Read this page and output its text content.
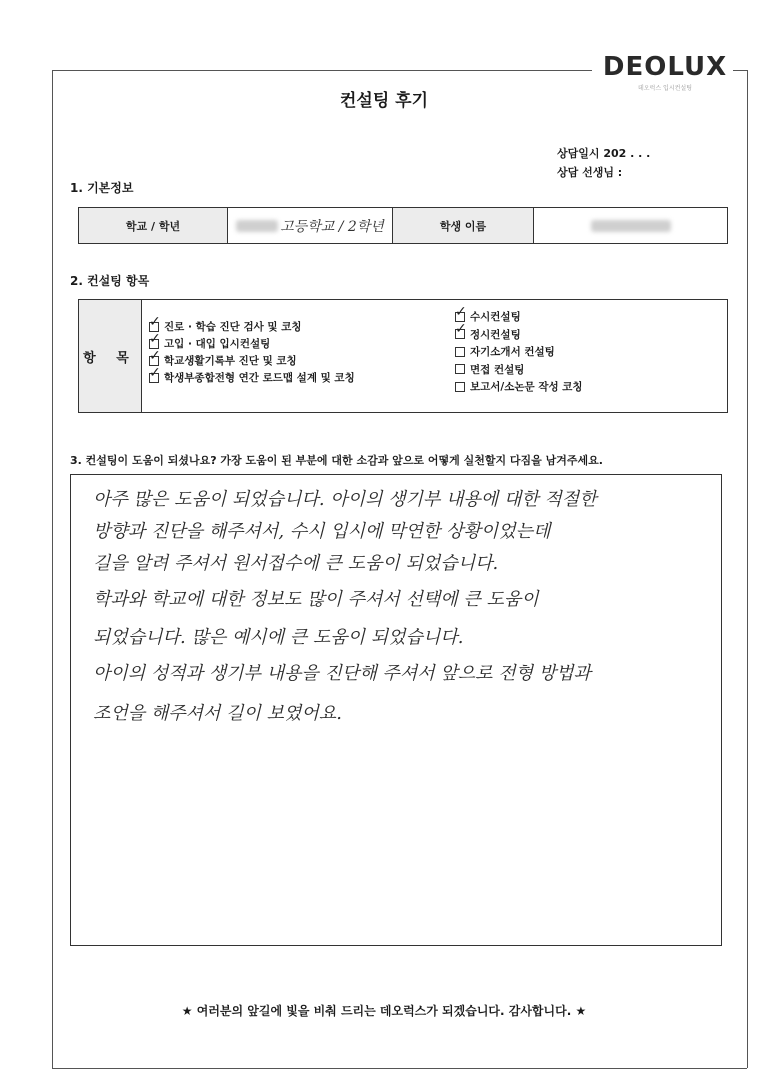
DEOLUX
데오럭스 입시컨설팅
컨설팅 후기
상담일시 202 . . .
상담 선생님 :
1. 기본정보
학교 / 학년	고등학교 / 2학년	학생 이름
2. 컨설팅 항목
항 목
✓
진로 · 학습 진단 검사 및 코칭
✓
고입 · 대입 입시컨설팅
✓
학교생활기록부 진단 및 코칭
✓
학생부종합전형 연간 로드맵 설계 및 코칭
✓
수시컨설팅
✓
정시컨설팅
자기소개서 컨설팅
면접 컨설팅
보고서/소논문 작성 코칭
3. 컨설팅이 도움이 되셨나요? 가장 도움이 된 부분에 대한 소감과 앞으로 어떻게 실천할지 다짐을 남겨주세요.
아주 많은 도움이 되었습니다. 아이의 생기부 내용에 대한 적절한
방향과 진단을 해주셔서, 수시 입시에 막연한 상황이었는데
길을 알려 주셔서 원서접수에 큰 도움이 되었습니다.
학과와 학교에 대한 정보도 많이 주셔서 선택에 큰 도움이
되었습니다. 많은 예시에 큰 도움이 되었습니다.
아이의 성적과 생기부 내용을 진단해 주셔서 앞으로 전형 방법과
조언을 해주셔서 길이 보였어요.
★ 여러분의 앞길에 빛을 비춰 드리는 데오럭스가 되겠습니다. 감사합니다. ★
